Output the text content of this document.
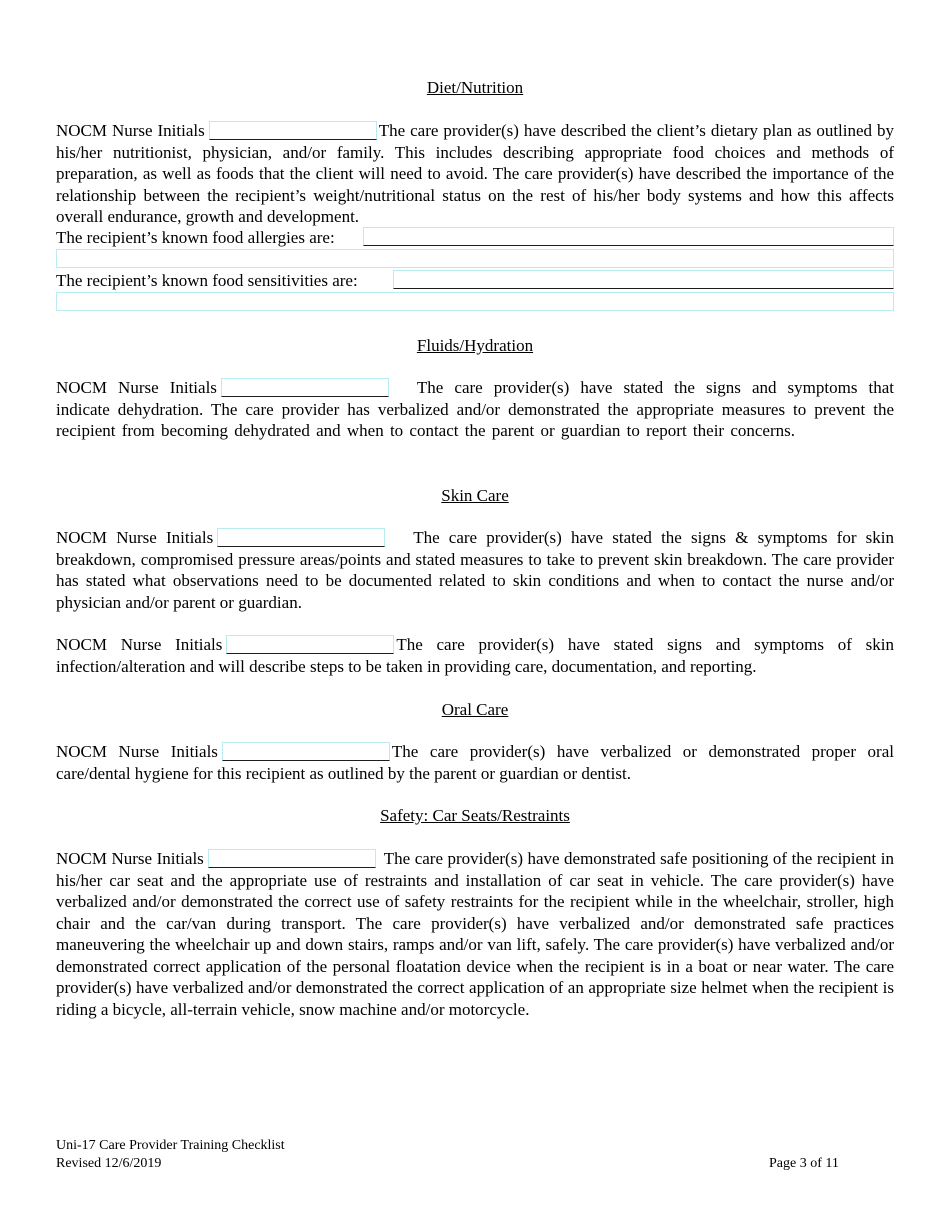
Diet/Nutrition

NOCM Nurse Initials	The care provider(s) have described the client’s dietary plan as outlined by his/her nutritionist, physician, and/or family. This includes describing appropriate food choices and methods of preparation, as well as foods that the client will need to avoid. The care provider(s) have described the importance of the relationship between the recipient’s weight/nutritional status on the rest of his/her body systems and how this affects overall endurance, growth and development.

The recipient’s known food allergies are:
The recipient’s known food sensitivities are:
Fluids/Hydration

NOCM Nurse Initials	The care provider(s) have stated the signs and symptoms that indicate dehydration. The care provider has verbalized and/or demonstrated the appropriate measures to prevent the recipient from becoming dehydrated and when to contact the parent or guardian to report their concerns.

Skin Care

NOCM Nurse Initials	The care provider(s) have stated the signs & symptoms for skin breakdown, compromised pressure areas/points and stated measures to take to prevent skin breakdown. The care provider has stated what observations need to be documented related to skin conditions and when to contact the nurse and/or physician and/or parent or guardian.

NOCM Nurse Initials	The care provider(s) have stated signs and symptoms of skin infection/alteration and will describe steps to be taken in providing care, documentation, and reporting.

Oral Care

NOCM Nurse Initials	The care provider(s) have verbalized or demonstrated proper oral care/dental hygiene for this recipient as outlined by the parent or guardian or dentist.

Safety: Car Seats/Restraints

NOCM Nurse Initials	The care provider(s) have demonstrated safe positioning of the recipient in his/her car seat and the appropriate use of restraints and installation of car seat in vehicle. The care provider(s) have verbalized and/or demonstrated the correct use of safety restraints for the recipient while in the wheelchair, stroller, high chair and the car/van during transport. The care provider(s) have verbalized and/or demonstrated safe practices maneuvering the wheelchair up and down stairs, ramps and/or van lift, safely. The care provider(s) have verbalized and/or demonstrated correct application of the personal floatation device when the recipient is in a boat or near water. The care provider(s) have verbalized and/or demonstrated the correct application of an appropriate size helmet when the recipient is riding a bicycle, all-terrain vehicle, snow machine and/or motorcycle.

Uni-17 Care Provider Training Checklist
Revised 12/6/2019	Page 3 of 11
